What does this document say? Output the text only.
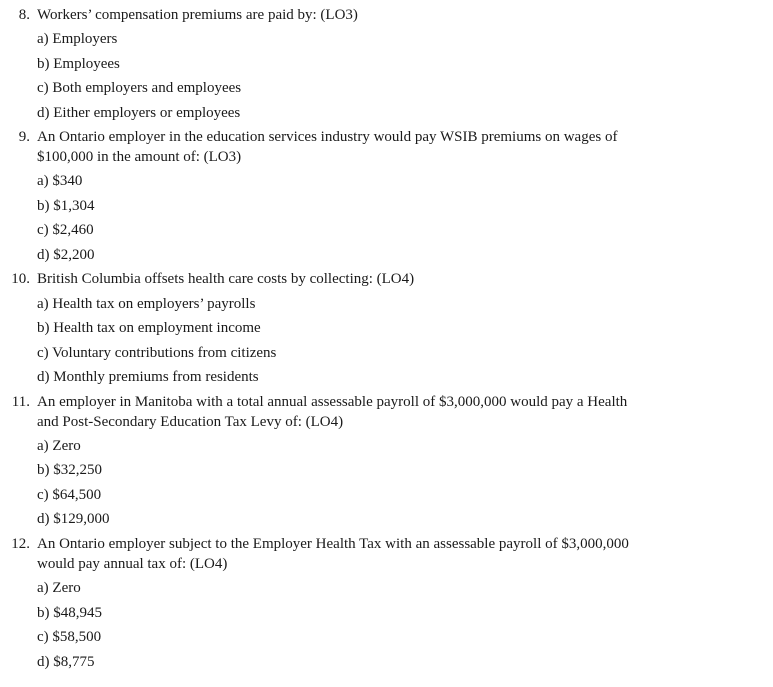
8. Workers’ compensation premiums are paid by: (LO3)
a) Employers
b) Employees
c) Both employers and employees
d) Either employers or employees
9. An Ontario employer in the education services industry would pay WSIB premiums on wages of
$100,000 in the amount of: (LO3)
a) $340
b) $1,304
c) $2,460
d) $2,200
10. British Columbia offsets health care costs by collecting: (LO4)
a) Health tax on employers’ payrolls
b) Health tax on employment income
c) Voluntary contributions from citizens
d) Monthly premiums from residents
11. An employer in Manitoba with a total annual assessable payroll of $3,000,000 would pay a Health
and Post-Secondary Education Tax Levy of: (LO4)
a) Zero
b) $32,250
c) $64,500
d) $129,000
12. An Ontario employer subject to the Employer Health Tax with an assessable payroll of $3,000,000
would pay annual tax of: (LO4)
a) Zero
b) $48,945
c) $58,500
d) $8,775
